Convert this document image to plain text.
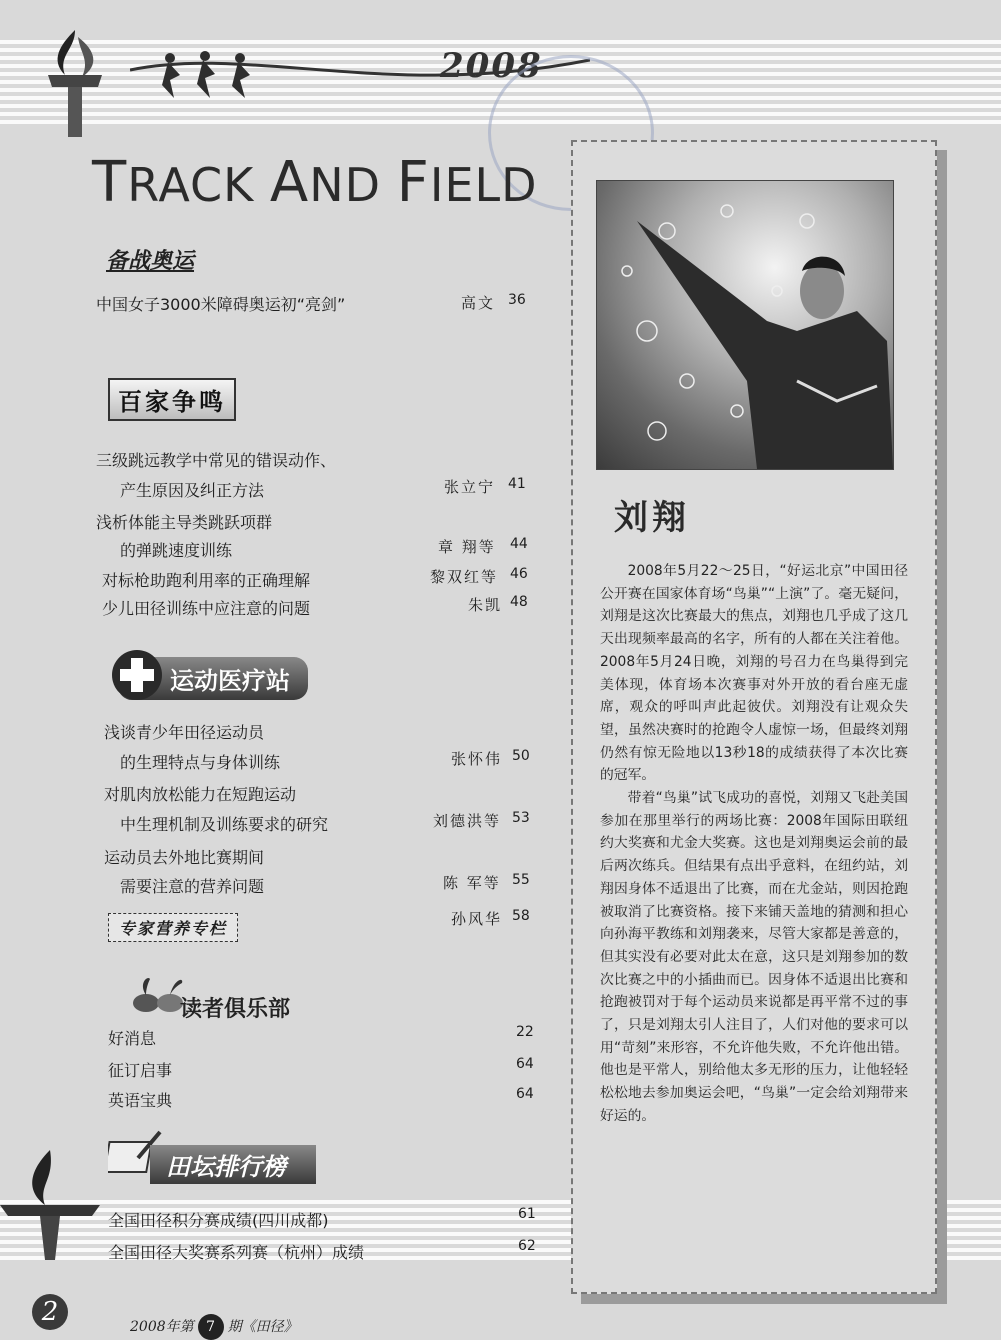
2008
TRACK AND FIELD
备战奥运
中国女子3000米障碍奥运初“亮剑”	高文 36
百家争鸣
三级跳远教学中常见的错误动作、
产生原因及纠正方法	张立宁 41
浅析体能主导类跳跃项群
的弹跳速度训练	章 翔等 44
对标枪助跑利用率的正确理解	黎双红等 46
少儿田径训练中应注意的问题	朱凯 48
运动医疗站
浅谈青少年田径运动员
的生理特点与身体训练	张怀伟 50
对肌肉放松能力在短跑运动
中生理机制及训练要求的研究	刘德洪等 53
运动员去外地比赛期间
需要注意的营养问题	陈 军等 55
专家营养专栏	孙风华 58
读者俱乐部
好消息	22
征订启事	64
英语宝典	64
田坛排行榜
全国田径积分赛成绩(四川成都)	61
全国田径大奖赛系列赛（杭州）成绩	62
刘翔

2008年5月22～25日，“好运北京”中国田径公开赛在国家体育场“鸟巢”“上演”了。毫无疑问，刘翔是这次比赛最大的焦点，刘翔也几乎成了这几天出现频率最高的名字，所有的人都在关注着他。2008年5月24日晚，刘翔的号召力在鸟巢得到完美体现，体育场本次赛事对外开放的看台座无虚席，观众的呼叫声此起彼伏。刘翔没有让观众失望，虽然决赛时的抢跑令人虚惊一场，但最终刘翔仍然有惊无险地以13秒18的成绩获得了本次比赛的冠军。

带着“鸟巢”试飞成功的喜悦，刘翔又飞赴美国参加在那里举行的两场比赛：2008年国际田联纽约大奖赛和尤金大奖赛。这也是刘翔奥运会前的最后两次练兵。但结果有点出乎意料，在纽约站，刘翔因身体不适退出了比赛，而在尤金站，则因抢跑被取消了比赛资格。接下来铺天盖地的猜测和担心向孙海平教练和刘翔袭来，尽管大家都是善意的，但其实没有必要对此太在意，这只是刘翔参加的数次比赛之中的小插曲而已。因身体不适退出比赛和抢跑被罚对于每个运动员来说都是再平常不过的事了，只是刘翔太引人注目了，人们对他的要求可以用“苛刻”来形容，不允许他失败，不允许他出错。他也是平常人，别给他太多无形的压力，让他轻轻松松地去参加奥运会吧，“鸟巢”一定会给刘翔带来好运的。

2	2008年第 7 期《田径》
